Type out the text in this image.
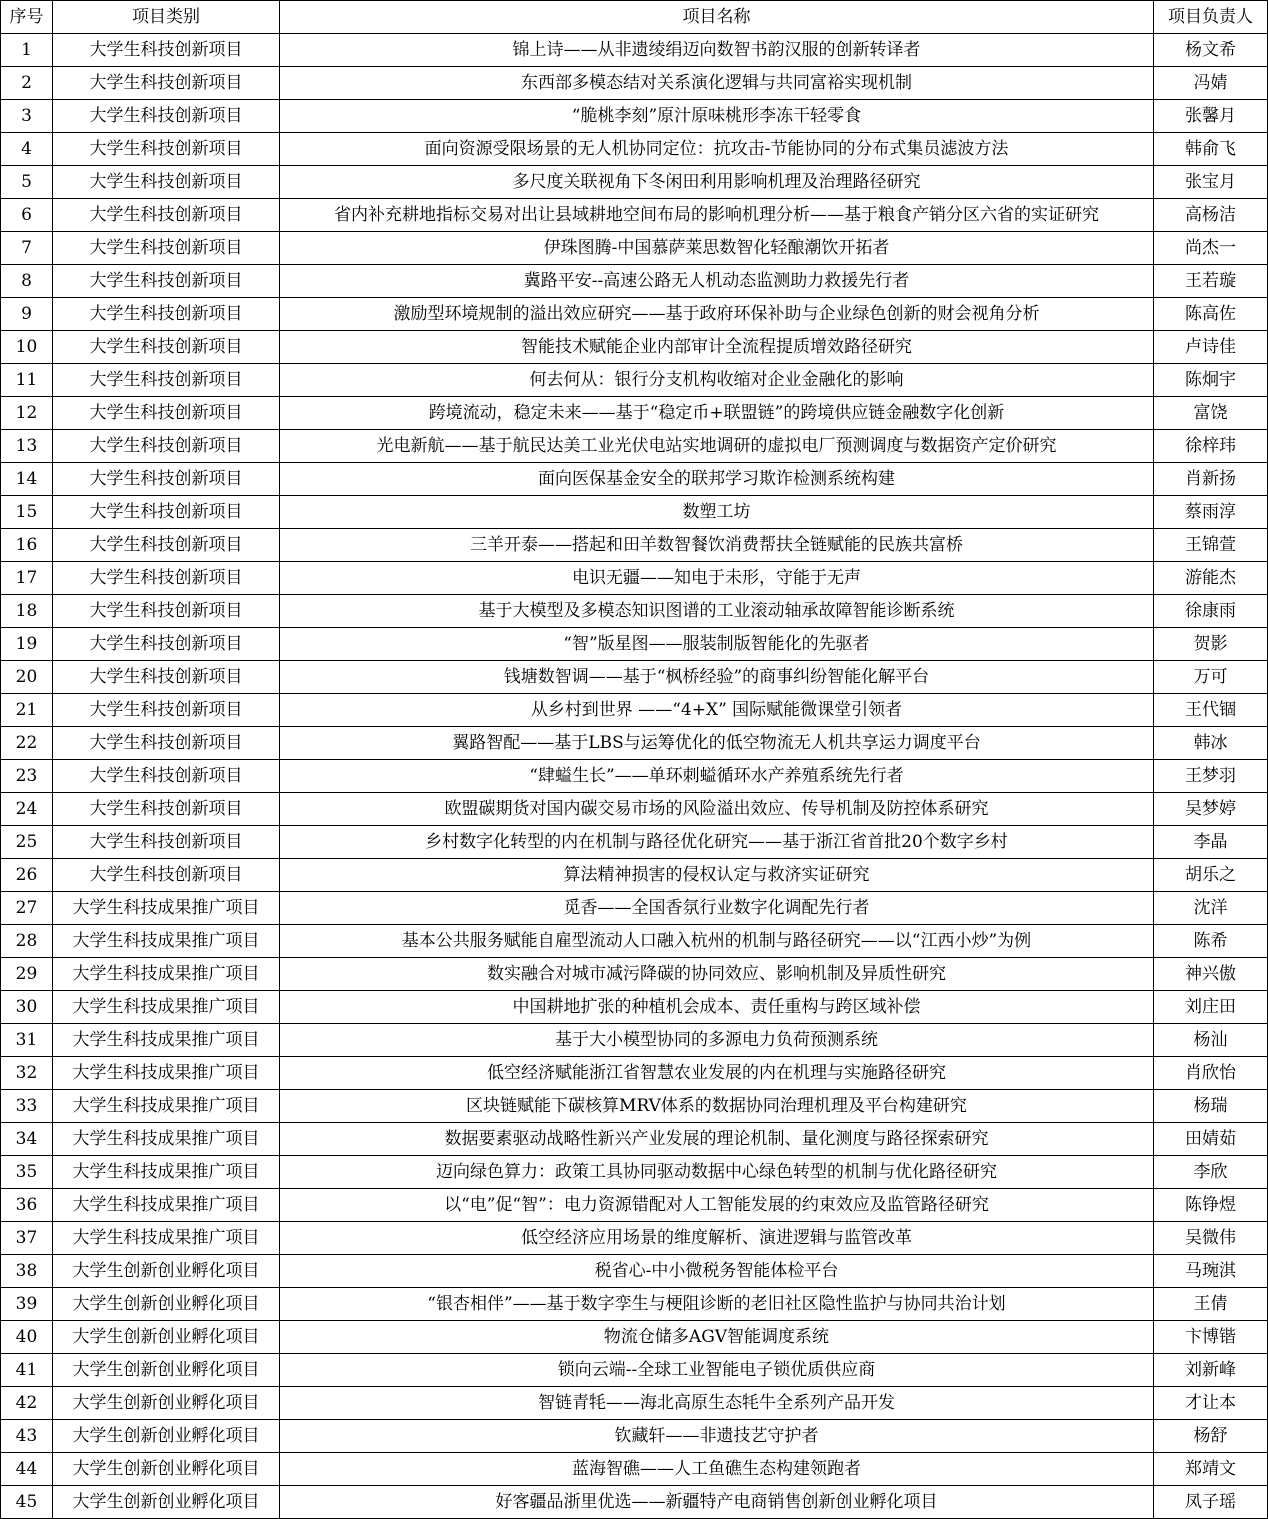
序号	项目类别	项目名称	项目负责人
1	大学生科技创新项目	锦上诗——从非遗绫绢迈向数智书韵汉服的创新转译者	杨文希
2	大学生科技创新项目	东西部多模态结对关系演化逻辑与共同富裕实现机制	冯婧
3	大学生科技创新项目	“脆桃李刻”原汁原味桃形李冻干轻零食	张馨月
4	大学生科技创新项目	面向资源受限场景的无人机协同定位：抗攻击-节能协同的分布式集员滤波方法	韩俞飞
5	大学生科技创新项目	多尺度关联视角下冬闲田利用影响机理及治理路径研究	张宝月
6	大学生科技创新项目	省内补充耕地指标交易对出让县域耕地空间布局的影响机理分析——基于粮食产销分区六省的实证研究	高杨洁
7	大学生科技创新项目	伊珠图腾-中国慕萨莱思数智化轻酿潮饮开拓者	尚杰一
8	大学生科技创新项目	冀路平安--高速公路无人机动态监测助力救援先行者	王若璇
9	大学生科技创新项目	激励型环境规制的溢出效应研究——基于政府环保补助与企业绿色创新的财会视角分析	陈高佐
10	大学生科技创新项目	智能技术赋能企业内部审计全流程提质增效路径研究	卢诗佳
11	大学生科技创新项目	何去何从：银行分支机构收缩对企业金融化的影响	陈炯宇
12	大学生科技创新项目	跨境流动，稳定未来——基于“稳定币+联盟链”的跨境供应链金融数字化创新	富饶
13	大学生科技创新项目	光电新航——基于航民达美工业光伏电站实地调研的虚拟电厂预测调度与数据资产定价研究	徐梓玮
14	大学生科技创新项目	面向医保基金安全的联邦学习欺诈检测系统构建	肖新扬
15	大学生科技创新项目	数塑工坊	蔡雨淳
16	大学生科技创新项目	三羊开泰——搭起和田羊数智餐饮消费帮扶全链赋能的民族共富桥	王锦萱
17	大学生科技创新项目	电识无疆——知电于未形，守能于无声	游能杰
18	大学生科技创新项目	基于大模型及多模态知识图谱的工业滚动轴承故障智能诊断系统	徐康雨
19	大学生科技创新项目	“智”版星图——服装制版智能化的先驱者	贺影
20	大学生科技创新项目	钱塘数智调——基于“枫桥经验”的商事纠纷智能化解平台	万可
21	大学生科技创新项目	从乡村到世界 ——“4+X” 国际赋能微课堂引领者	王代锢
22	大学生科技创新项目	翼路智配——基于LBS与运筹优化的低空物流无人机共享运力调度平台	韩冰
23	大学生科技创新项目	“肆螠生长”——单环刺螠循环水产养殖系统先行者	王梦羽
24	大学生科技创新项目	欧盟碳期货对国内碳交易市场的风险溢出效应、传导机制及防控体系研究	吴梦婷
25	大学生科技创新项目	乡村数字化转型的内在机制与路径优化研究——基于浙江省首批20个数字乡村	李晶
26	大学生科技创新项目	算法精神损害的侵权认定与救济实证研究	胡乐之
27	大学生科技成果推广项目	觅香——全国香氛行业数字化调配先行者	沈洋
28	大学生科技成果推广项目	基本公共服务赋能自雇型流动人口融入杭州的机制与路径研究——以“江西小炒”为例	陈希
29	大学生科技成果推广项目	数实融合对城市减污降碳的协同效应、影响机制及异质性研究	神兴傲
30	大学生科技成果推广项目	中国耕地扩张的种植机会成本、责任重构与跨区域补偿	刘庄田
31	大学生科技成果推广项目	基于大小模型协同的多源电力负荷预测系统	杨汕
32	大学生科技成果推广项目	低空经济赋能浙江省智慧农业发展的内在机理与实施路径研究	肖欣怡
33	大学生科技成果推广项目	区块链赋能下碳核算MRV体系的数据协同治理机理及平台构建研究	杨瑞
34	大学生科技成果推广项目	数据要素驱动战略性新兴产业发展的理论机制、量化测度与路径探索研究	田婧茹
35	大学生科技成果推广项目	迈向绿色算力：政策工具协同驱动数据中心绿色转型的机制与优化路径研究	李欣
36	大学生科技成果推广项目	以“电”促“智”：电力资源错配对人工智能发展的约束效应及监管路径研究	陈铮煜
37	大学生科技成果推广项目	低空经济应用场景的维度解析、演进逻辑与监管改革	吴微伟
38	大学生创新创业孵化项目	税省心-中小微税务智能体检平台	马琬淇
39	大学生创新创业孵化项目	“银杏相伴”——基于数字孪生与梗阻诊断的老旧社区隐性监护与协同共治计划	王倩
40	大学生创新创业孵化项目	物流仓储多AGV智能调度系统	卞博锴
41	大学生创新创业孵化项目	锁向云端--全球工业智能电子锁优质供应商	刘新峰
42	大学生创新创业孵化项目	智链青牦——海北高原生态牦牛全系列产品开发	才让本
43	大学生创新创业孵化项目	钦藏轩——非遗技艺守护者	杨舒
44	大学生创新创业孵化项目	蓝海智礁——人工鱼礁生态构建领跑者	郑靖文
45	大学生创新创业孵化项目	好客疆品浙里优选——新疆特产电商销售创新创业孵化项目	凤子瑶
